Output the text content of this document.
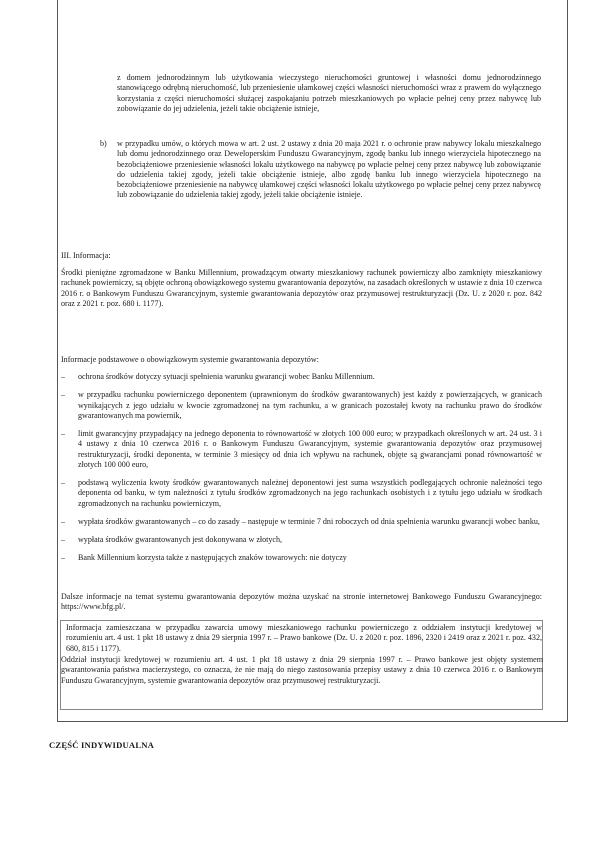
z domem jednorodzinnym lub użytkowania wieczystego nieruchomości gruntowej i własności domu jednorodzinnego stanowiącego odrębną nieruchomość, lub przeniesienie ułamkowej części własności nieruchomości wraz z prawem do wyłącznego korzystania z części nieruchomości służącej zaspokajaniu potrzeb mieszkaniowych po wpłacie pełnej ceny przez nabywcę lub zobowiązanie do jej udzielenia, jeżeli takie obciążenie istnieje,
b) w przypadku umów, o których mowa w art. 2 ust. 2 ustawy z dnia 20 maja 2021 r. o ochronie praw nabywcy lokalu mieszkalnego lub domu jednorodzinnego oraz Deweloperskim Funduszu Gwarancyjnym, zgodę banku lub innego wierzyciela hipotecznego na bezobciążeniowe przeniesienie własności lokalu użytkowego na nabywcę po wpłacie pełnej ceny przez nabywcę lub zobowiązanie do udzielenia takiej zgody, jeżeli takie obciążenie istnieje, albo zgodę banku lub innego wierzyciela hipotecznego na bezobciążeniowe przeniesienie na nabywcę ułamkowej części własności lokalu użytkowego po wpłacie pełnej ceny przez nabywcę lub zobowiązanie do udzielenia takiej zgody, jeżeli takie obciążenie istnieje.
III. Informacja:
Środki pieniężne zgromadzone w Banku Millennium, prowadzącym otwarty mieszkaniowy rachunek powierniczy albo zamknięty mieszkaniowy rachunek powierniczy, są objęte ochroną obowiązkowego systemu gwarantowania depozytów, na zasadach określonych w ustawie z dnia 10 czerwca 2016 r. o Bankowym Funduszu Gwarancyjnym, systemie gwarantowania depozytów oraz przymusowej restrukturyzacji (Dz. U. z 2020 r. poz. 842 oraz z 2021 r. poz. 680 i. 1177).
Informacje podstawowe o obowiązkowym systemie gwarantowania depozytów:
–	ochrona środków dotyczy sytuacji spełnienia warunku gwarancji wobec Banku Millennium.
–	w przypadku rachunku powierniczego deponentem (uprawnionym do środków gwarantowanych) jest każdy z powierzających, w granicach wynikających z jego udziału w kwocie zgromadzonej na tym rachunku, a w granicach pozostałej kwoty na rachunku prawo do środków gwarantowanych ma powiernik,
–	limit gwarancyjny przypadający na jednego deponenta to równowartość w złotych 100 000 euro; w przypadkach określonych w art. 24 ust. 3 i 4 ustawy z dnia 10 czerwca 2016 r. o Bankowym Funduszu Gwarancyjnym, systemie gwarantowania depozytów oraz przymusowej restrukturyzacji, środki deponenta, w terminie 3 miesięcy od dnia ich wpływu na rachunek, objęte są gwarancjami ponad równowartość w złotych 100 000 euro,
–	podstawą wyliczenia kwoty środków gwarantowanych należnej deponentowi jest suma wszystkich podlegających ochronie należności tego deponenta od banku, w tym należności z tytułu środków zgromadzonych na jego rachunkach osobistych i z tytułu jego udziału w środkach zgromadzonych na rachunku powierniczym,
–	wypłata środków gwarantowanych – co do zasady – następuje w terminie 7 dni roboczych od dnia spełnienia warunku gwarancji wobec banku,
–	wypłata środków gwarantowanych jest dokonywana w złotych,
–	Bank Millennium korzysta także z następujących znaków towarowych: nie dotyczy
Dalsze informacje na temat systemu gwarantowania depozytów można uzyskać na stronie internetowej Bankowego Funduszu Gwarancyjnego: https://www.bfg.pl/.
Informacja zamieszczana w przypadku zawarcia umowy mieszkaniowego rachunku powierniczego z oddziałem instytucji kredytowej w rozumieniu art. 4 ust. 1 pkt 18 ustawy z dnia 29 sierpnia 1997 r. – Prawo bankowe (Dz. U. z 2020 r. poz. 1896, 2320 i 2419 oraz z 2021 r. poz. 432, 680, 815 i 1177).
Oddział instytucji kredytowej w rozumieniu art. 4 ust. 1 pkt 18 ustawy z dnia 29 sierpnia 1997 r. – Prawo bankowe jest objęty systemem gwarantowania państwa macierzystego, co oznacza, że nie mają do niego zastosowania przepisy ustawy z dnia 10 czerwca 2016 r. o Bankowym Funduszu Gwarancyjnym, systemie gwarantowania depozytów oraz przymusowej restrukturyzacji.
CZĘŚĆ INDYWIDUALNA
